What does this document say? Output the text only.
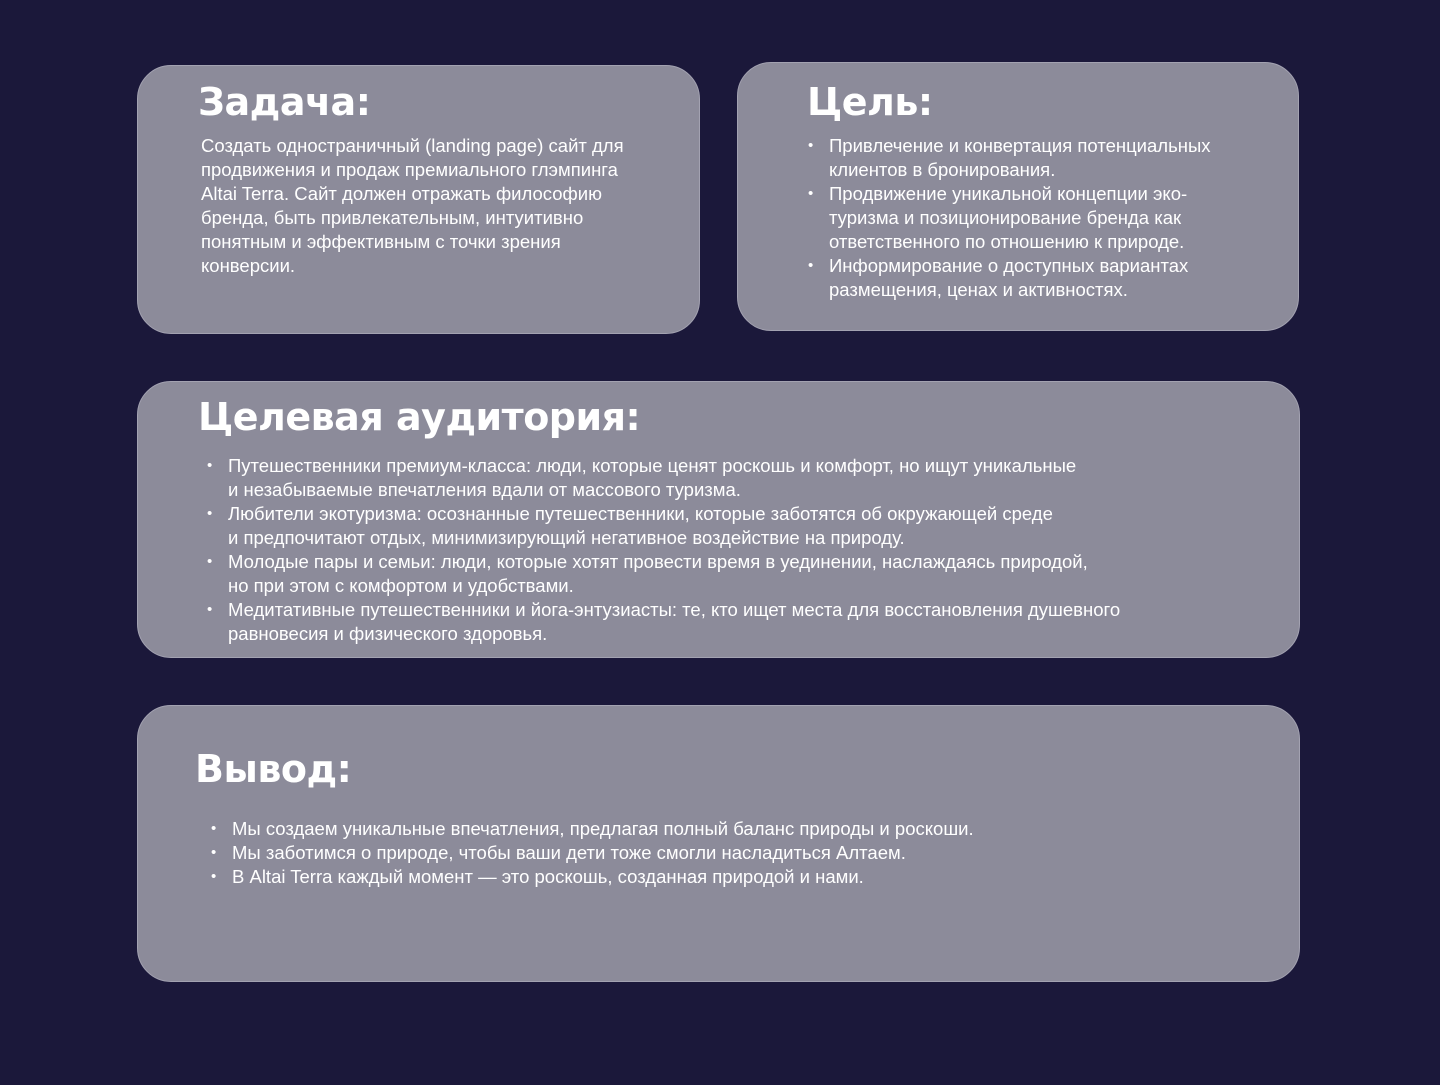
Задача:

Создать одностраничный (landing page) сайт для продвижения и продаж премиального глэмпинга Altai Terra. Сайт должен отражать философию бренда, быть привлекательным, интуитивно понятным и эффективным с точки зрения конверсии.

Цель:
• Привлечение и конвертация потенциальных клиентов в бронирования.
• Продвижение уникальной концепции эко-туризма и позиционирование бренда как ответственного по отношению к природе.
• Информирование о доступных вариантах размещения, ценах и активностях.
Целевая аудитория:
• Путешественники премиум-класса: люди, которые ценят роскошь и комфорт, но ищут уникальные
и незабываемые впечатления вдали от массового туризма.
• Любители экотуризма: осознанные путешественники, которые заботятся об окружающей среде
и предпочитают отдых, минимизирующий негативное воздействие на природу.
• Молодые пары и семьи: люди, которые хотят провести время в уединении, наслаждаясь природой,
но при этом с комфортом и удобствами.
• Медитативные путешественники и йога-энтузиасты: те, кто ищет места для восстановления душевного
равновесия и физического здоровья.
Вывод:
• Мы создаем уникальные впечатления, предлагая полный баланс природы и роскоши.
• Мы заботимся о природе, чтобы ваши дети тоже смогли насладиться Алтаем.
• В Altai Terra каждый момент — это роскошь, созданная природой и нами.
